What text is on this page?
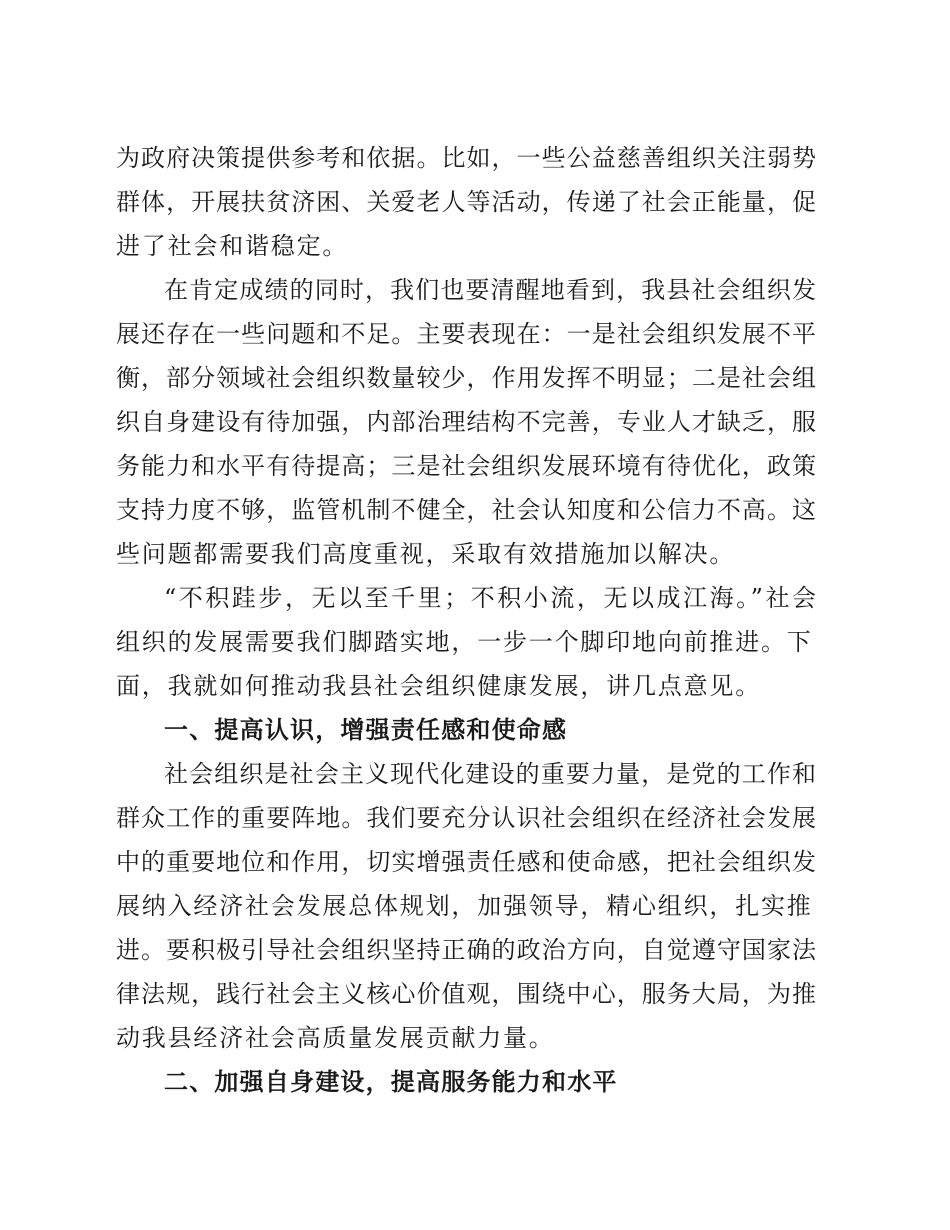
为政府决策提供参考和依据。比如，一些公益慈善组织关注弱势
群体，开展扶贫济困、关爱老人等活动，传递了社会正能量，促
进了社会和谐稳定。
在肯定成绩的同时，我们也要清醒地看到，我县社会组织发
展还存在一些问题和不足。主要表现在：一是社会组织发展不平
衡，部分领域社会组织数量较少，作用发挥不明显；二是社会组
织自身建设有待加强，内部治理结构不完善，专业人才缺乏，服
务能力和水平有待提高；三是社会组织发展环境有待优化，政策
支持力度不够，监管机制不健全，社会认知度和公信力不高。这
些问题都需要我们高度重视，采取有效措施加以解决。
“不积跬步，无以至千里；不积小流，无以成江海。”社会
组织的发展需要我们脚踏实地，一步一个脚印地向前推进。下
面，我就如何推动我县社会组织健康发展，讲几点意见。
一、提高认识，增强责任感和使命感
社会组织是社会主义现代化建设的重要力量，是党的工作和
群众工作的重要阵地。我们要充分认识社会组织在经济社会发展
中的重要地位和作用，切实增强责任感和使命感，把社会组织发
展纳入经济社会发展总体规划，加强领导，精心组织，扎实推
进。要积极引导社会组织坚持正确的政治方向，自觉遵守国家法
律法规，践行社会主义核心价值观，围绕中心，服务大局，为推
动我县经济社会高质量发展贡献力量。
二、加强自身建设，提高服务能力和水平
